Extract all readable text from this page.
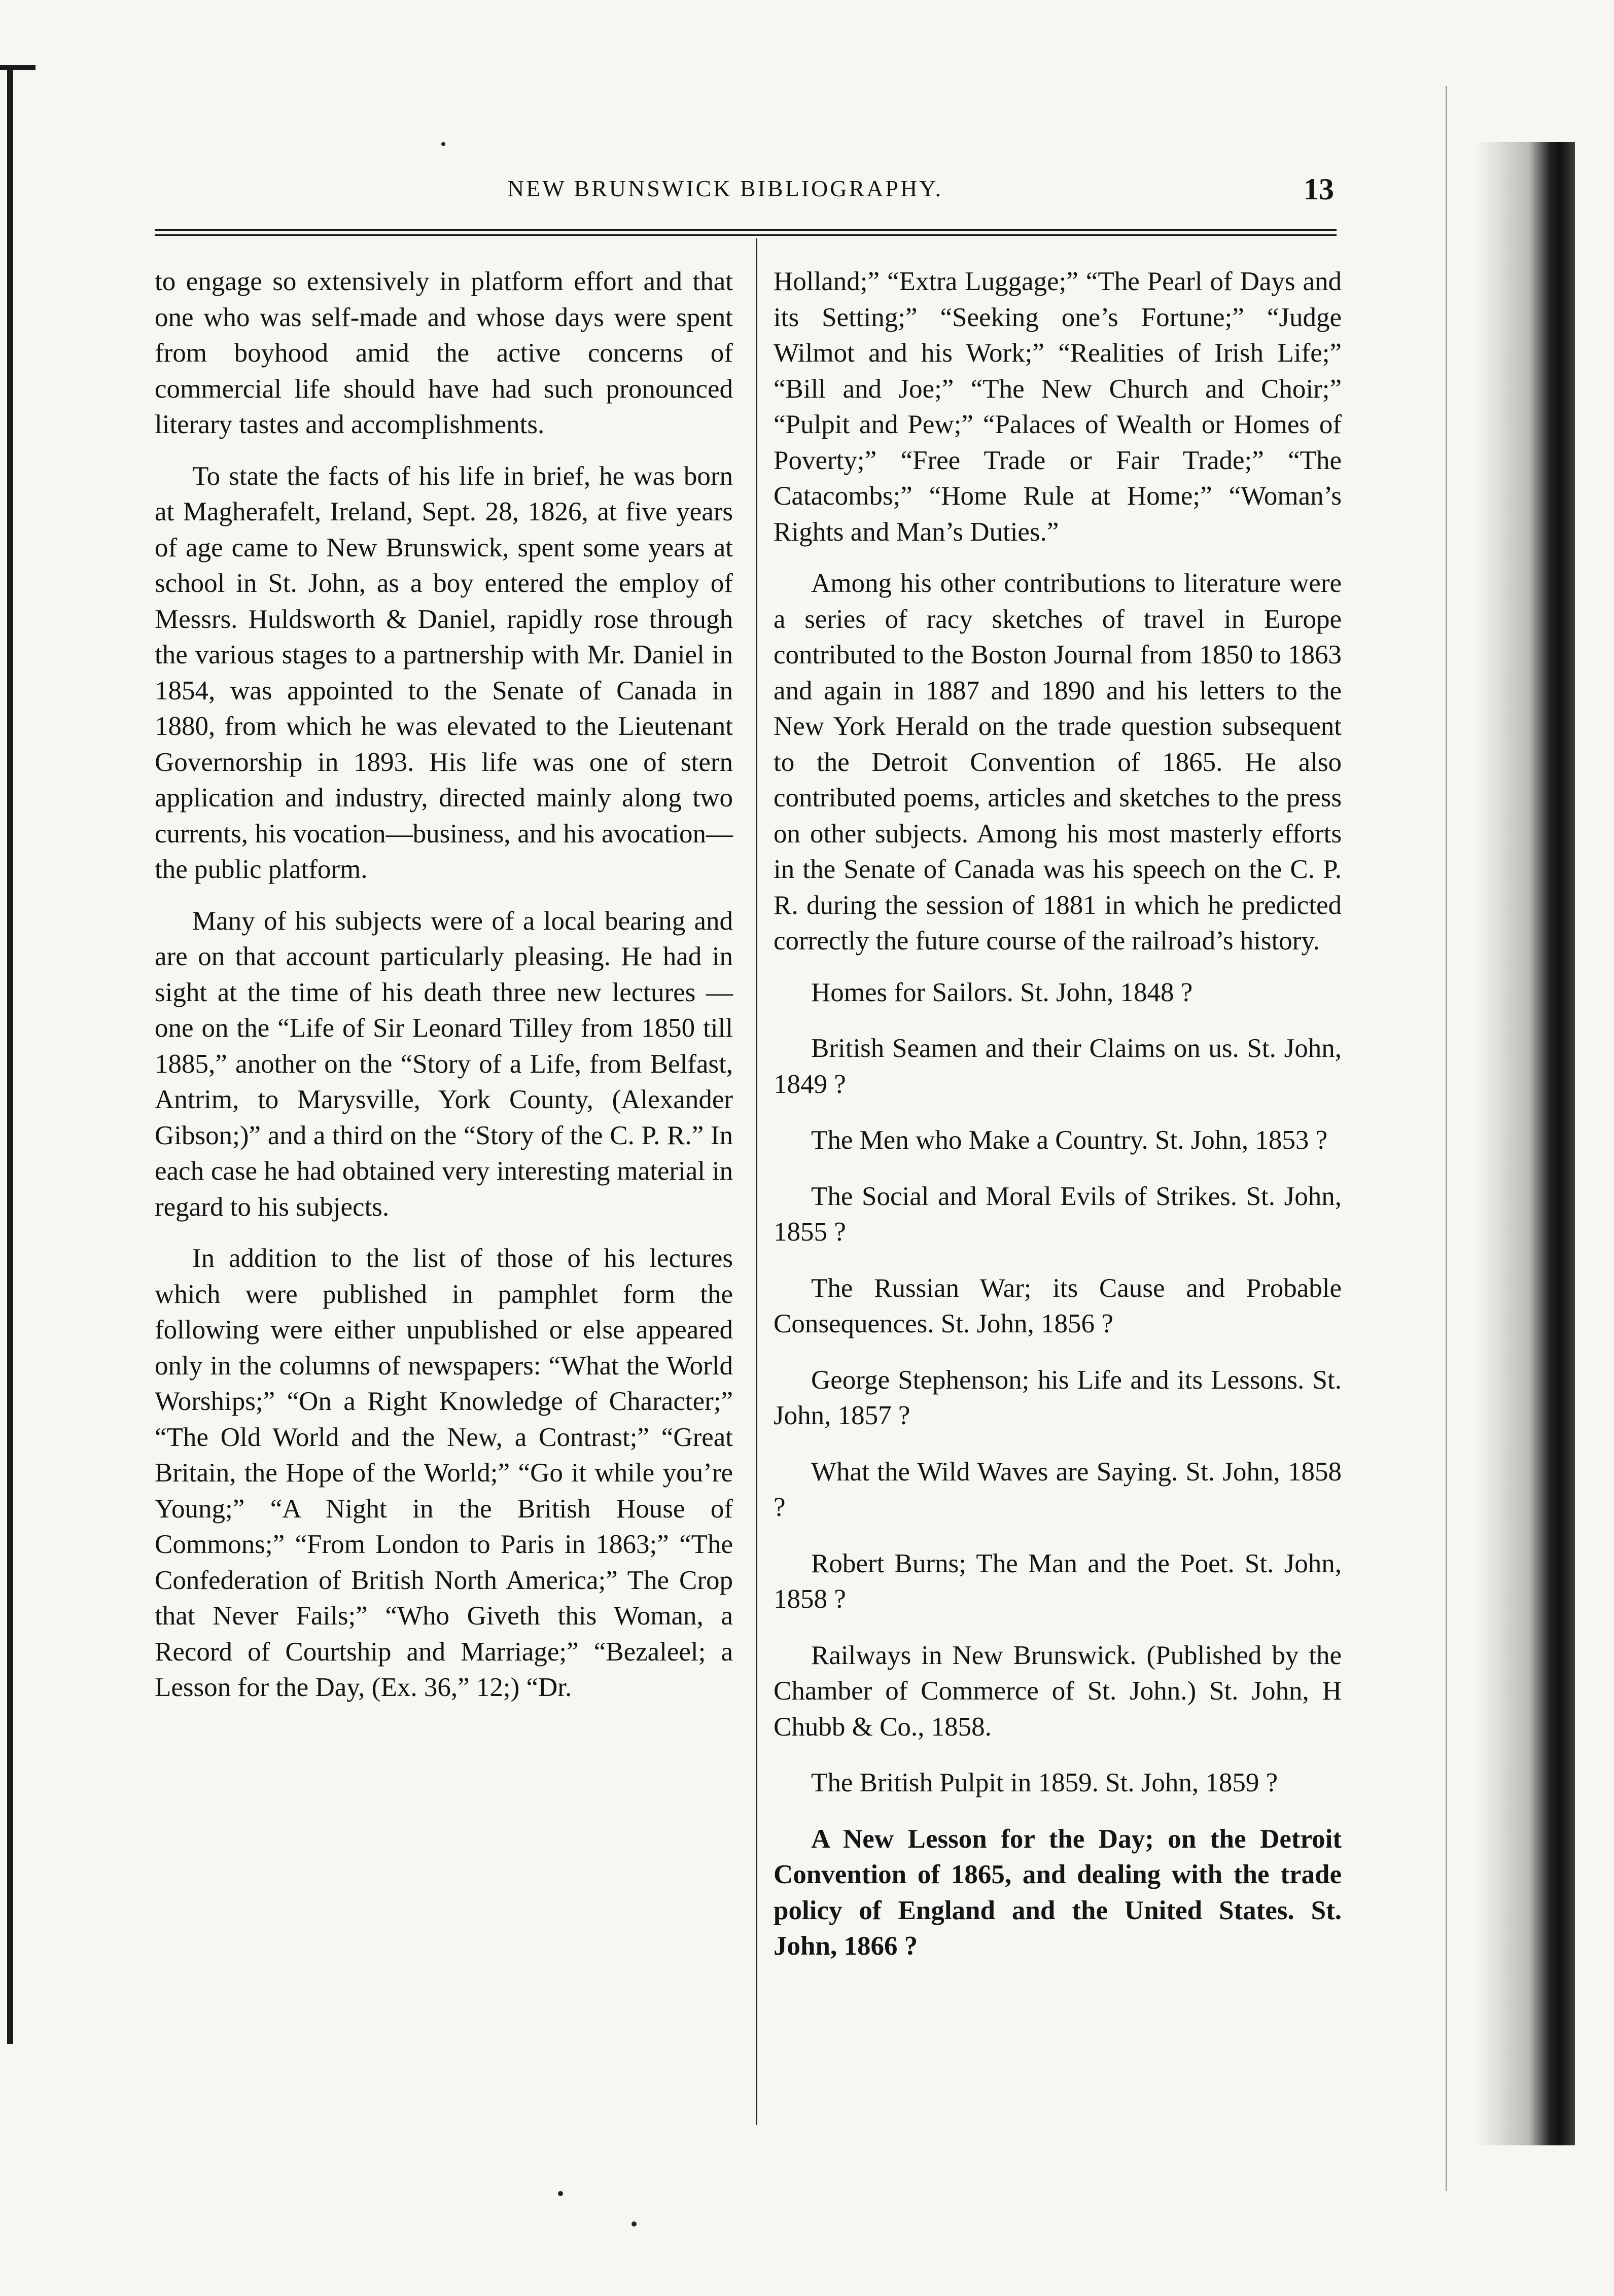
NEW BRUNSWICK BIBLIOGRAPHY.	13

to engage so extensively in platform effort and that one who was self-made and whose days were spent from boyhood amid the active concerns of commercial life should have had such pronounced literary tastes and accomplishments.

To state the facts of his life in brief, he was born at Magherafelt, Ireland, Sept. 28, 1826, at five years of age came to New Brunswick, spent some years at school in St. John, as a boy entered the employ of Messrs. Huldsworth & Daniel, rapidly rose through the various stages to a partnership with Mr. Daniel in 1854, was appointed to the Senate of Canada in 1880, from which he was elevated to the Lieutenant Governorship in 1893. His life was one of stern application and industry, directed mainly along two currents, his vocation—business, and his avocation—the public platform.

Many of his subjects were of a local bearing and are on that account particularly pleasing. He had in sight at the time of his death three new lectures —one on the “Life of Sir Leonard Tilley from 1850 till 1885,” another on the “Story of a Life, from Belfast, Antrim, to Marysville, York County, (Alexander Gibson;)” and a third on the “Story of the C. P. R.” In each case he had obtained very interesting material in regard to his subjects.

In addition to the list of those of his lectures which were published in pamphlet form the following were either unpublished or else appeared only in the columns of newspapers: “What the World Worships;” “On a Right Knowledge of Character;” “The Old World and the New, a Contrast;” “Great Britain, the Hope of the World;” “Go it while you’re Young;” “A Night in the British House of Commons;” “From London to Paris in 1863;” “The Confederation of British North America;” The Crop that Never Fails;” “Who Giveth this Woman, a Record of Courtship and Marriage;” “Bezaleel; a Lesson for the Day, (Ex. 36,” 12;) “Dr.

Holland;” “Extra Luggage;” “The Pearl of Days and its Setting;” “Seeking one’s Fortune;” “Judge Wilmot and his Work;” “Realities of Irish Life;” “Bill and Joe;” “The New Church and Choir;” “Pulpit and Pew;” “Palaces of Wealth or Homes of Poverty;” “Free Trade or Fair Trade;” “The Catacombs;” “Home Rule at Home;” “Woman’s Rights and Man’s Duties.”

Among his other contributions to literature were a series of racy sketches of travel in Europe contributed to the Boston Journal from 1850 to 1863 and again in 1887 and 1890 and his letters to the New York Herald on the trade question subsequent to the Detroit Convention of 1865. He also contributed poems, articles and sketches to the press on other subjects. Among his most masterly efforts in the Senate of Canada was his speech on the C. P. R. during the session of 1881 in which he predicted correctly the future course of the railroad’s history.

Homes for Sailors. St. John, 1848 ?

British Seamen and their Claims on us. St. John, 1849 ?

The Men who Make a Country. St. John, 1853 ?

The Social and Moral Evils of Strikes. St. John, 1855 ?

The Russian War; its Cause and Probable Consequences. St. John, 1856 ?

George Stephenson; his Life and its Lessons. St. John, 1857 ?

What the Wild Waves are Saying. St. John, 1858 ?

Robert Burns; The Man and the Poet. St. John, 1858 ?

Railways in New Brunswick. (Published by the Chamber of Commerce of St. John.) St. John, H Chubb & Co., 1858.

The British Pulpit in 1859. St. John, 1859 ?

A New Lesson for the Day; on the Detroit Convention of 1865, and dealing with the trade policy of England and the United States. St. John, 1866 ?
